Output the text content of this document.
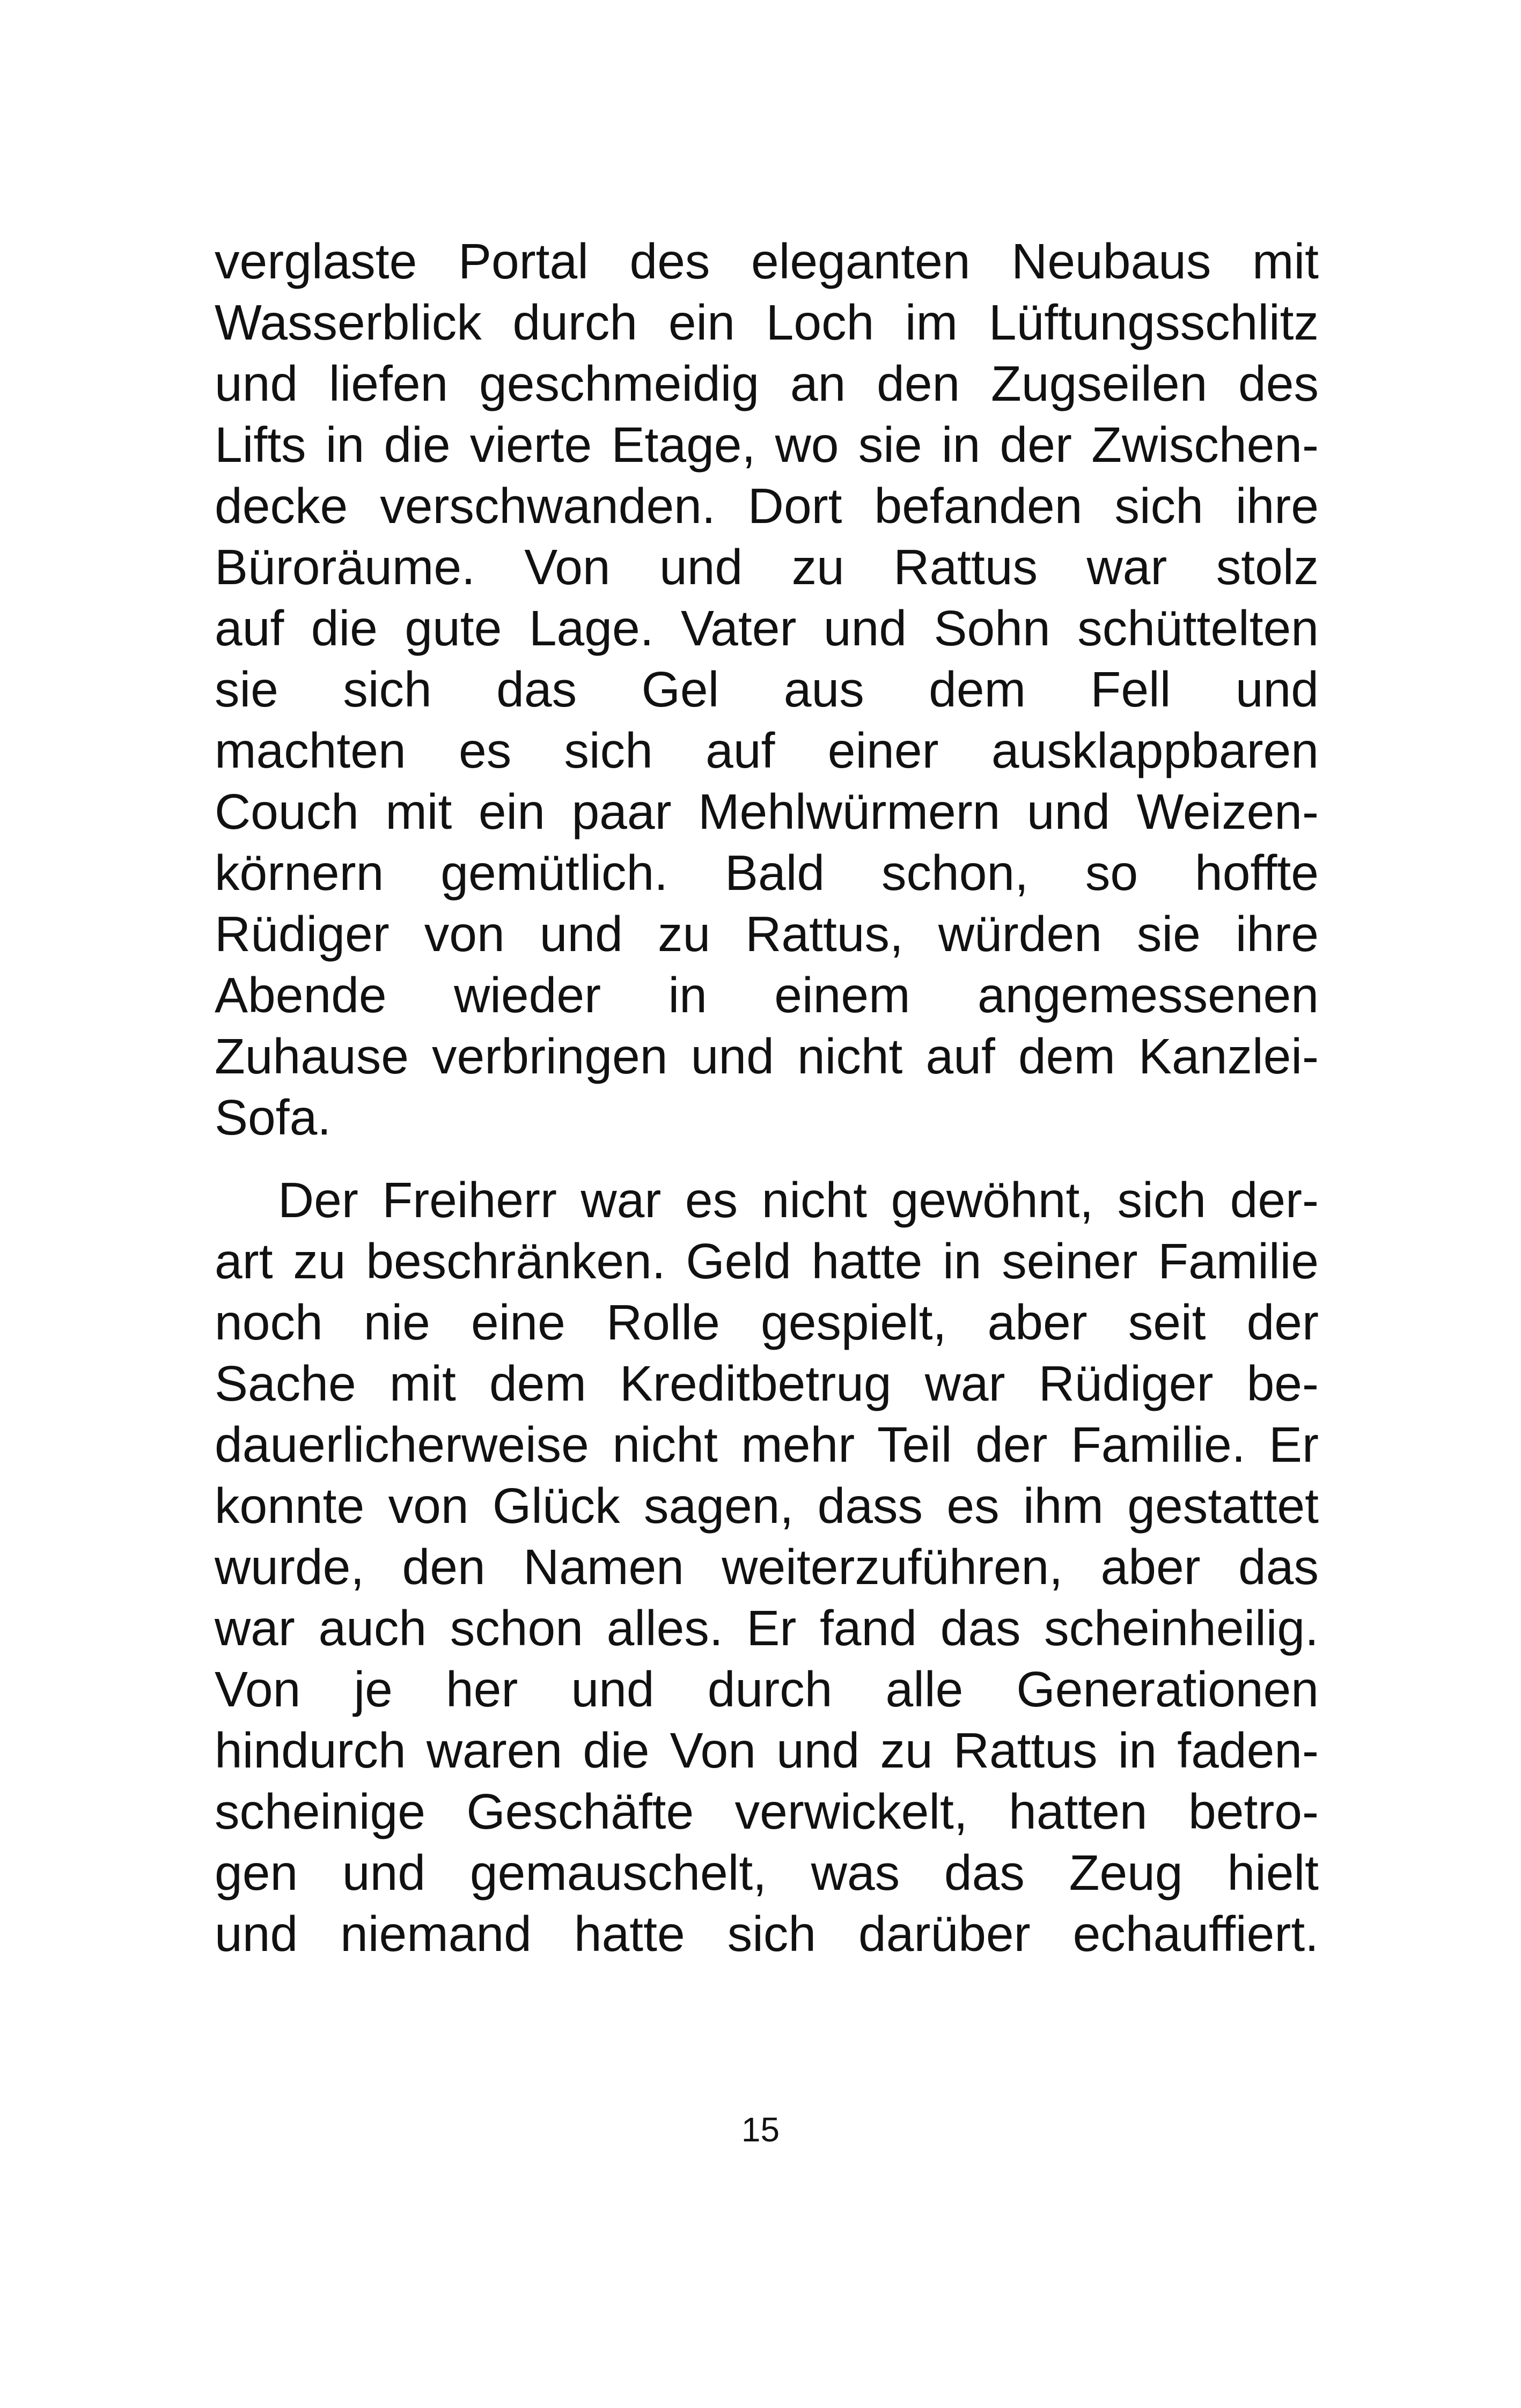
verglaste Portal des eleganten Neubaus mit
Wasserblick durch ein Loch im Lüftungsschlitz
und liefen geschmeidig an den Zugseilen des
Lifts in die vierte Etage, wo sie in der Zwischen-
decke verschwanden. Dort befanden sich ihre
Büroräume. Von und zu Rattus war stolz
auf die gute Lage. Vater und Sohn schüttelten
sie sich das Gel aus dem Fell und
machten es sich auf einer ausklappbaren
Couch mit ein paar Mehlwürmern und Weizen-
körnern gemütlich. Bald schon, so hoffte
Rüdiger von und zu Rattus, würden sie ihre
Abende wieder in einem angemessenen
Zuhause verbringen und nicht auf dem Kanzlei-
Sofa.
Der Freiherr war es nicht gewöhnt, sich der-
art zu beschränken. Geld hatte in seiner Familie
noch nie eine Rolle gespielt, aber seit der
Sache mit dem Kreditbetrug war Rüdiger be-
dauerlicherweise nicht mehr Teil der Familie. Er
konnte von Glück sagen, dass es ihm gestattet
wurde, den Namen weiterzuführen, aber das
war auch schon alles. Er fand das scheinheilig.
Von je her und durch alle Generationen
hindurch waren die Von und zu Rattus in faden-
scheinige Geschäfte verwickelt, hatten betro-
gen und gemauschelt, was das Zeug hielt
und niemand hatte sich darüber echauffiert.
15
